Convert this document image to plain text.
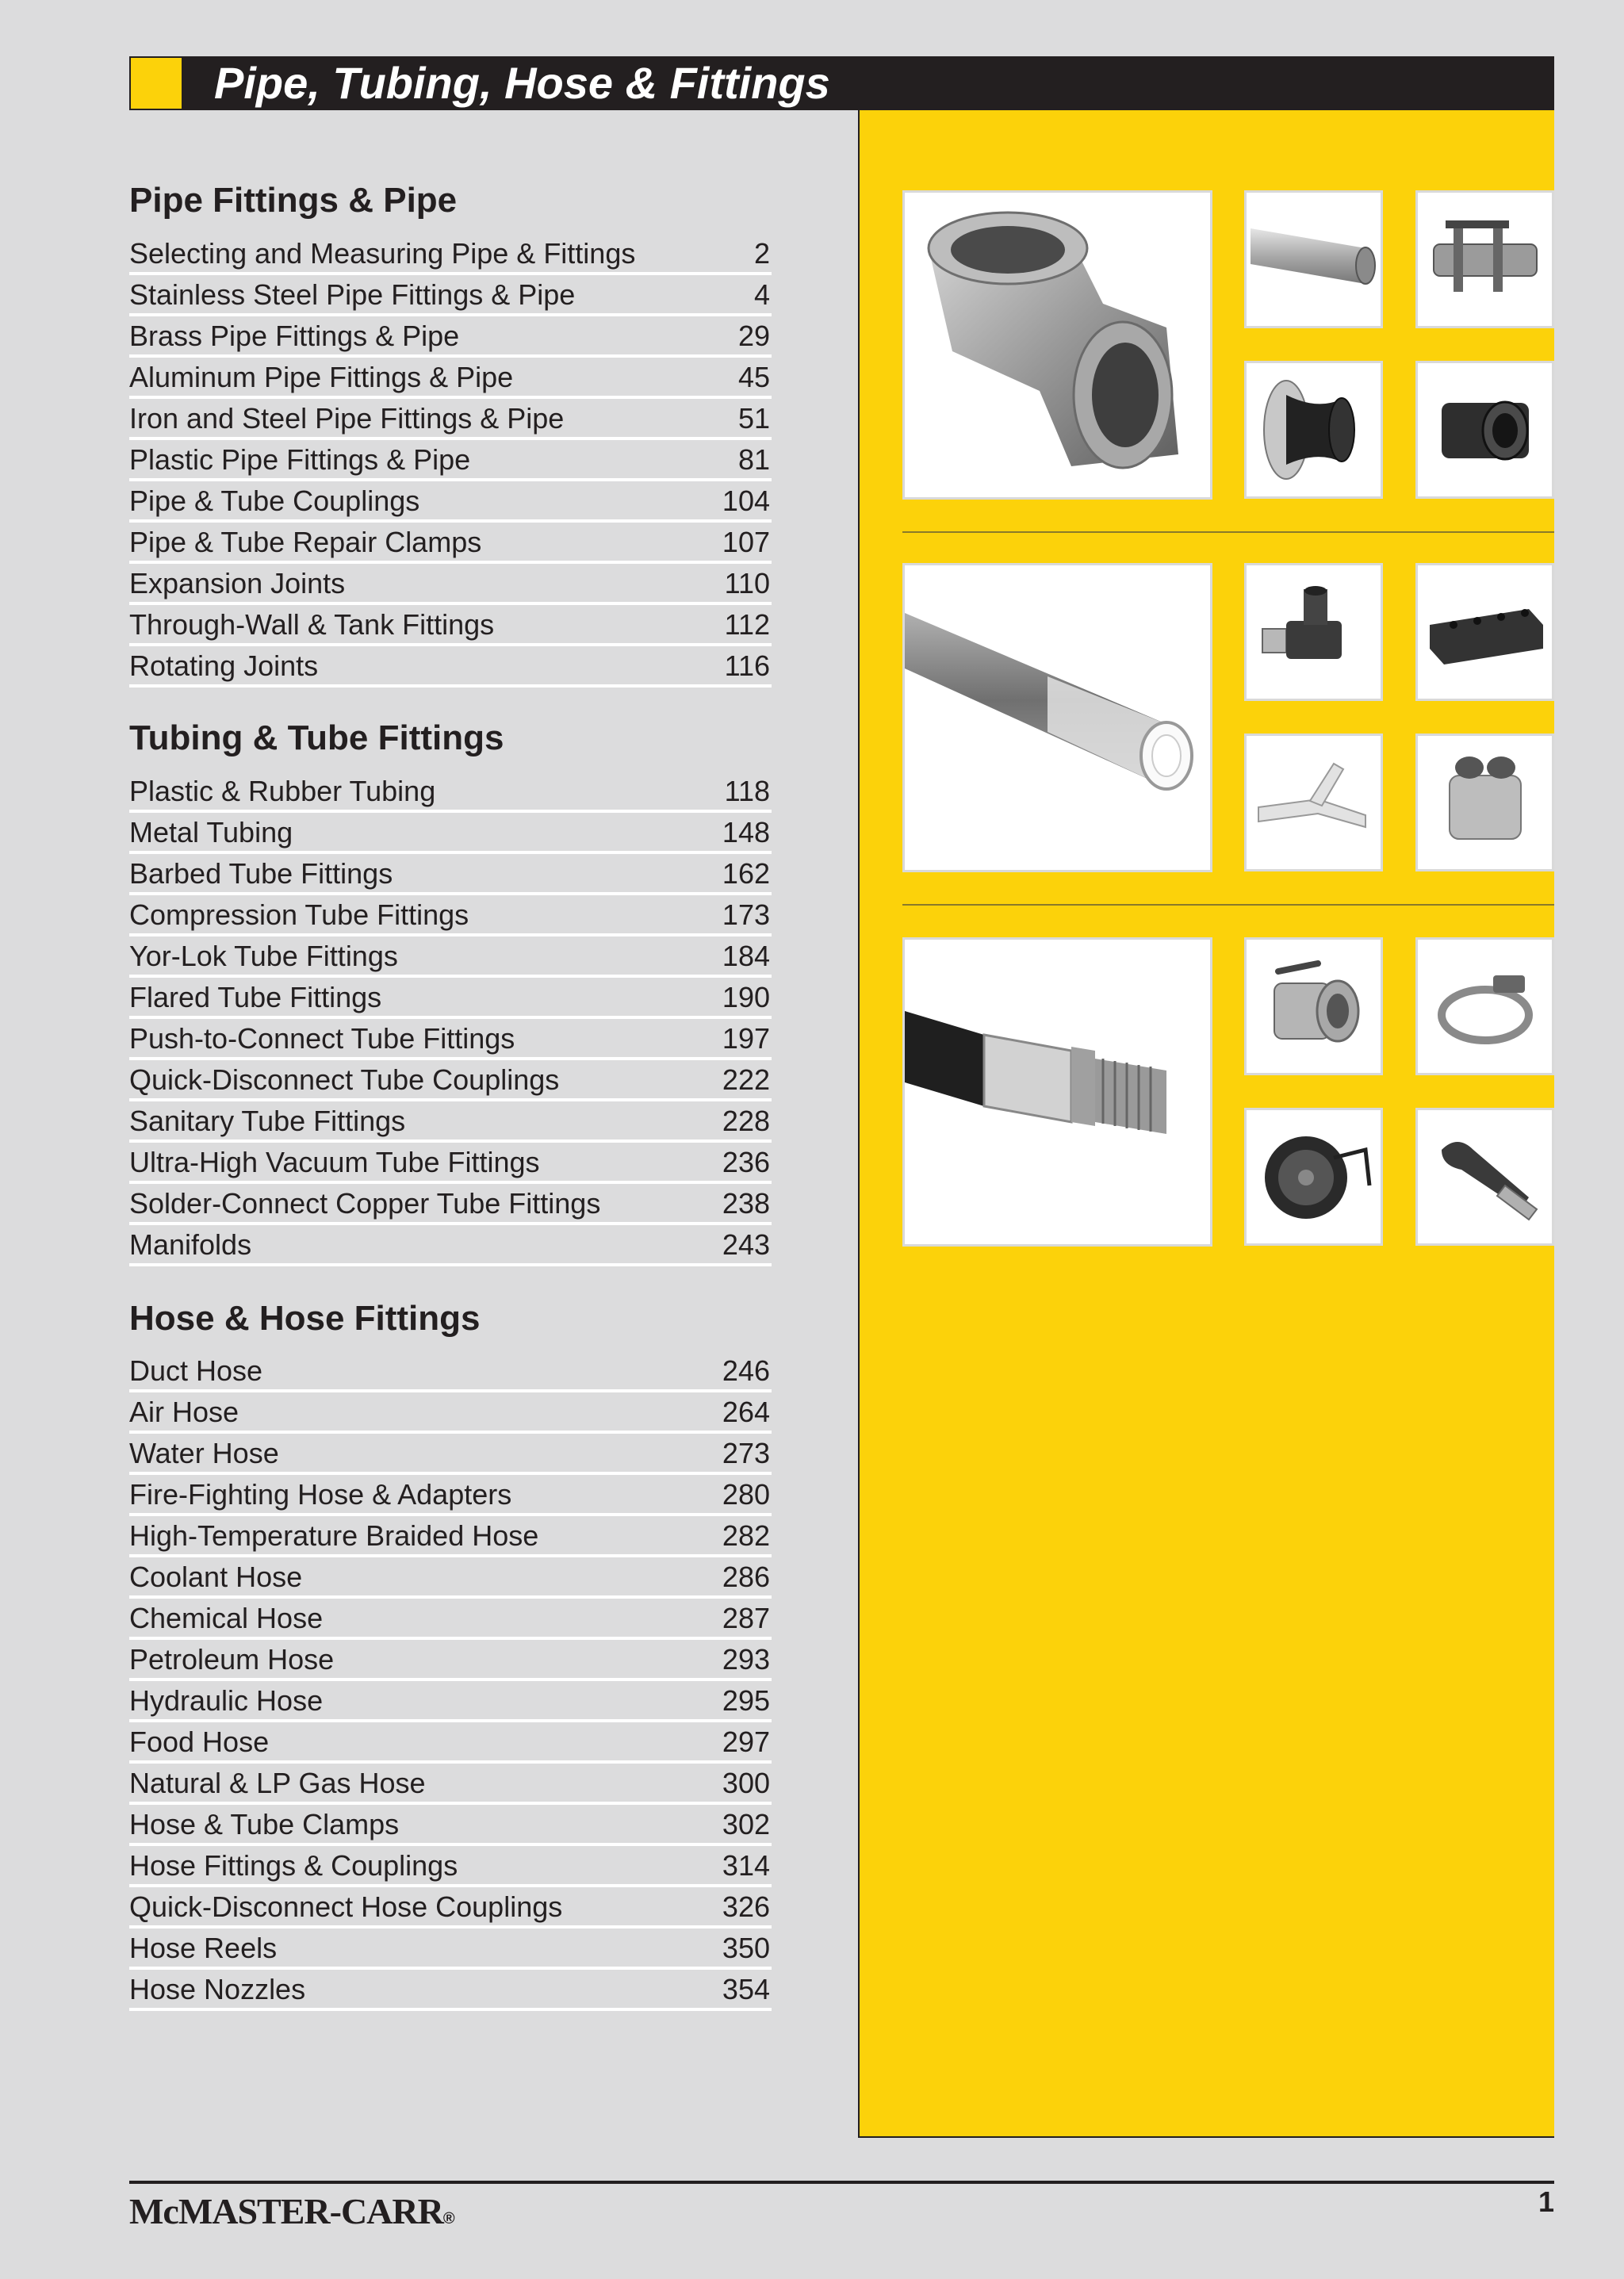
Pipe, Tubing, Hose & Fittings
Pipe Fittings & Pipe
Selecting and Measuring Pipe & Fittings	2
Stainless Steel Pipe Fittings & Pipe	4
Brass Pipe Fittings & Pipe	29
Aluminum Pipe Fittings & Pipe	45
Iron and Steel Pipe Fittings & Pipe	51
Plastic Pipe Fittings & Pipe	81
Pipe & Tube Couplings	104
Pipe & Tube Repair Clamps	107
Expansion Joints	110
Through-Wall & Tank Fittings	112
Rotating Joints	116
Tubing & Tube Fittings
Plastic & Rubber Tubing	118
Metal Tubing	148
Barbed Tube Fittings	162
Compression Tube Fittings	173
Yor-Lok Tube Fittings	184
Flared Tube Fittings	190
Push-to-Connect Tube Fittings	197
Quick-Disconnect Tube Couplings	222
Sanitary Tube Fittings	228
Ultra-High Vacuum Tube Fittings	236
Solder-Connect Copper Tube Fittings	238
Manifolds	243
Hose & Hose Fittings
Duct Hose	246
Air Hose	264
Water Hose	273
Fire-Fighting Hose & Adapters	280
High-Temperature Braided Hose	282
Coolant Hose	286
Chemical Hose	287
Petroleum Hose	293
Hydraulic Hose	295
Food Hose	297
Natural & LP Gas Hose	300
Hose & Tube Clamps	302
Hose Fittings & Couplings	314
Quick-Disconnect Hose Couplings	326
Hose Reels	350
Hose Nozzles	354
McMASTER-CARR®
1
